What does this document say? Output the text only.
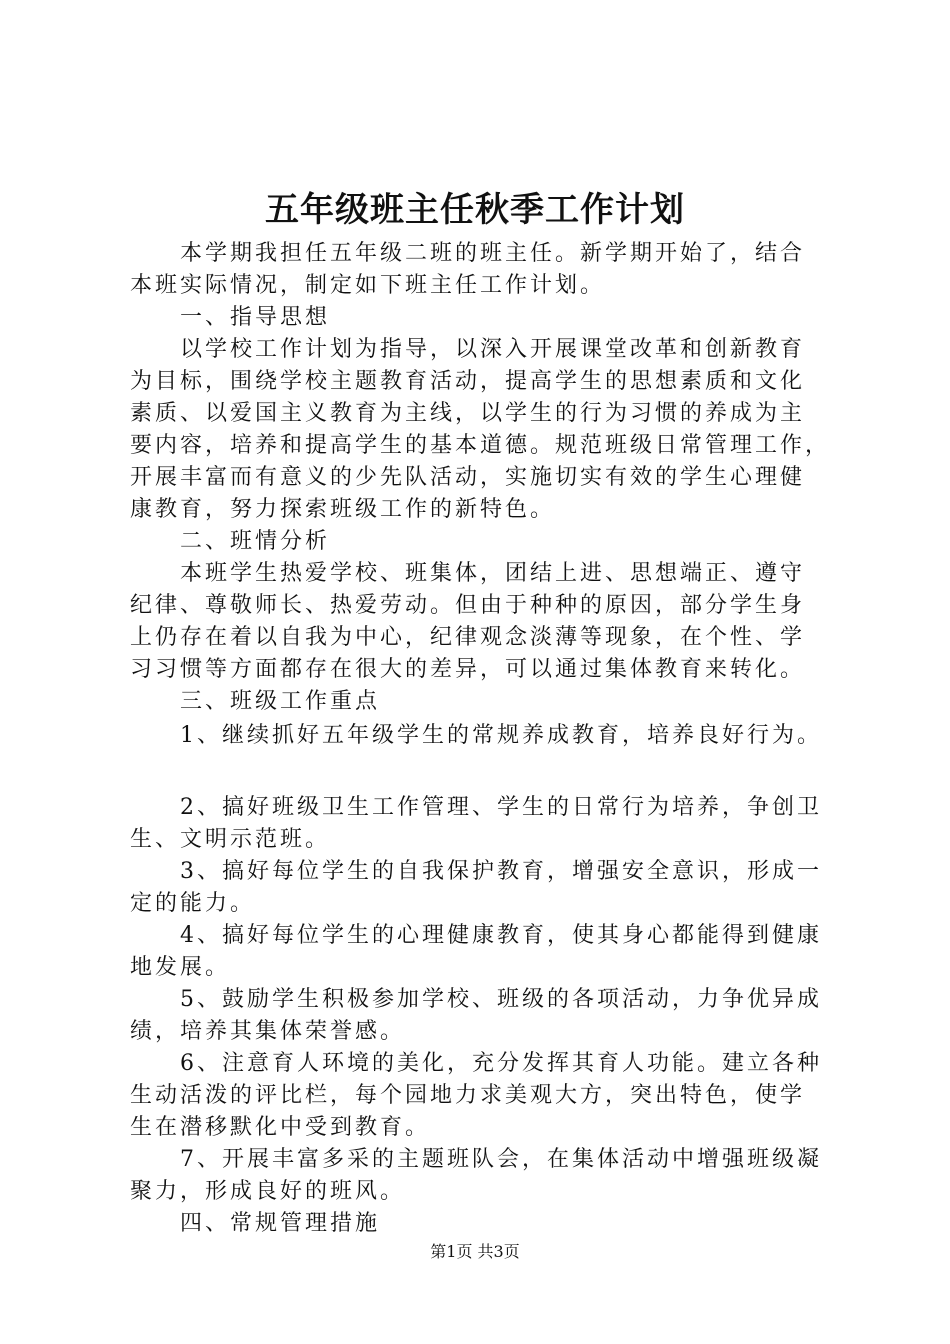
五年级班主任秋季工作计划
　　本学期我担任五年级二班的班主任。新学期开始了，结合
本班实际情况，制定如下班主任工作计划。
　　一、指导思想
　　以学校工作计划为指导，以深入开展课堂改革和创新教育
为目标，围绕学校主题教育活动，提高学生的思想素质和文化
素质、以爱国主义教育为主线，以学生的行为习惯的养成为主
要内容，培养和提高学生的基本道德。规范班级日常管理工作，
开展丰富而有意义的少先队活动，实施切实有效的学生心理健
康教育，努力探索班级工作的新特色。
　　二、班情分析
　　本班学生热爱学校、班集体，团结上进、思想端正、遵守
纪律、尊敬师长、热爱劳动。但由于种种的原因，部分学生身
上仍存在着以自我为中心，纪律观念淡薄等现象，在个性、学
习习惯等方面都存在很大的差异，可以通过集体教育来转化。
　　三、班级工作重点
　　1、继续抓好五年级学生的常规养成教育，培养良好行为。
　　2、搞好班级卫生工作管理、学生的日常行为培养，争创卫
生、文明示范班。
　　3、搞好每位学生的自我保护教育，增强安全意识，形成一
定的能力。
　　4、搞好每位学生的心理健康教育，使其身心都能得到健康
地发展。
　　5、鼓励学生积极参加学校、班级的各项活动，力争优异成
绩，培养其集体荣誉感。
　　6、注意育人环境的美化，充分发挥其育人功能。建立各种
生动活泼的评比栏，每个园地力求美观大方，突出特色，使学
生在潜移默化中受到教育。
　　7、开展丰富多采的主题班队会，在集体活动中增强班级凝
聚力，形成良好的班风。
　　四、常规管理措施
第1页 共3页
